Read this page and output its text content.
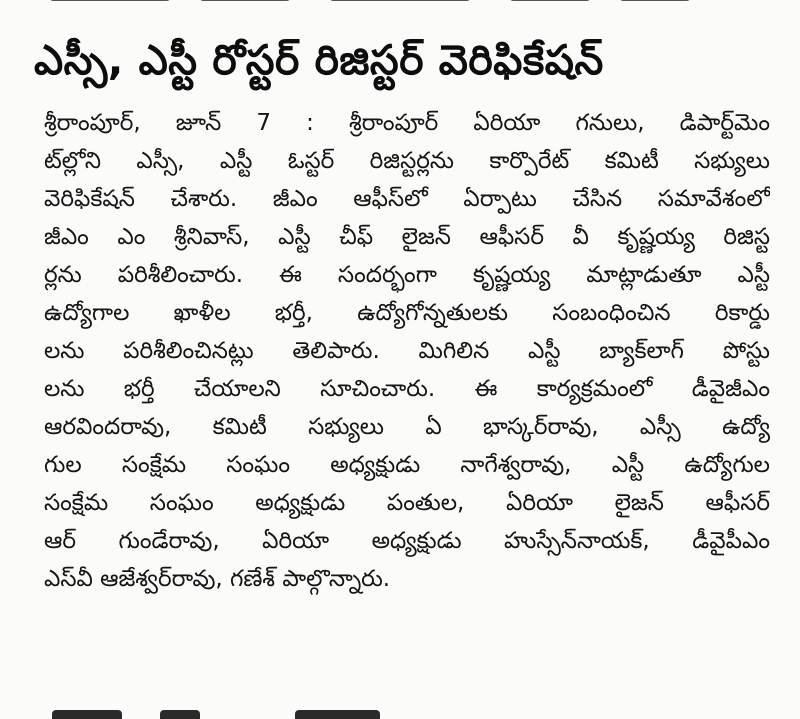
ఎస్సీ, ఎస్టీ రోస్టర్ రిజిస్టర్ వెరిఫికేషన్
శ్రీరాంపూర్, జూన్ 7 : శ్రీరాంపూర్ ఏరియా గనులు, డిపార్ట్‌మెం
ట్‌ల్లోని ఎస్సీ, ఎస్టీ ఓస్టర్ రిజిస్టర్లను కార్పొరేట్ కమిటీ సభ్యులు
వెరిఫికేషన్ చేశారు. జీఎం ఆఫీస్‌లో ఏర్పాటు చేసిన సమావేశంలో
జీఎం ఎం శ్రీనివాస్, ఎస్టీ చీఫ్ లైజన్ ఆఫీసర్ వీ కృష్ణయ్య రిజిస్ట
ర్లను పరిశీలించారు. ఈ సందర్భంగా కృష్ణయ్య మాట్లాడుతూ ఎస్టీ
ఉద్యోగాల ఖాళీల భర్తీ, ఉద్యోగోన్నతులకు సంబంధించిన రికార్డు
లను పరిశీలించినట్లు తెలిపారు. మిగిలిన ఎస్టీ బ్యాక్‌లాగ్ పోస్టు
లను భర్తీ చేయాలని సూచించారు. ఈ కార్యక్రమంలో డీవైజీఎం
ఆరవిందరావు, కమిటీ సభ్యులు ఏ భాస్కర్‌రావు, ఎస్సీ ఉద్యో
గుల సంక్షేమ సంఘం అధ్యక్షుడు నాగేశ్వరావు, ఎస్టీ ఉద్యోగుల
సంక్షేమ సంఘం అధ్యక్షుడు పంతుల, ఏరియా లైజన్ ఆఫీసర్
ఆర్ గుండేరావు, ఏరియా అధ్యక్షుడు హుస్సేన్‌నాయక్, డీవైపీఎం
ఎస్‌వీ ఆజేశ్వర్‌రావు, గణేశ్ పాల్గొన్నారు.
